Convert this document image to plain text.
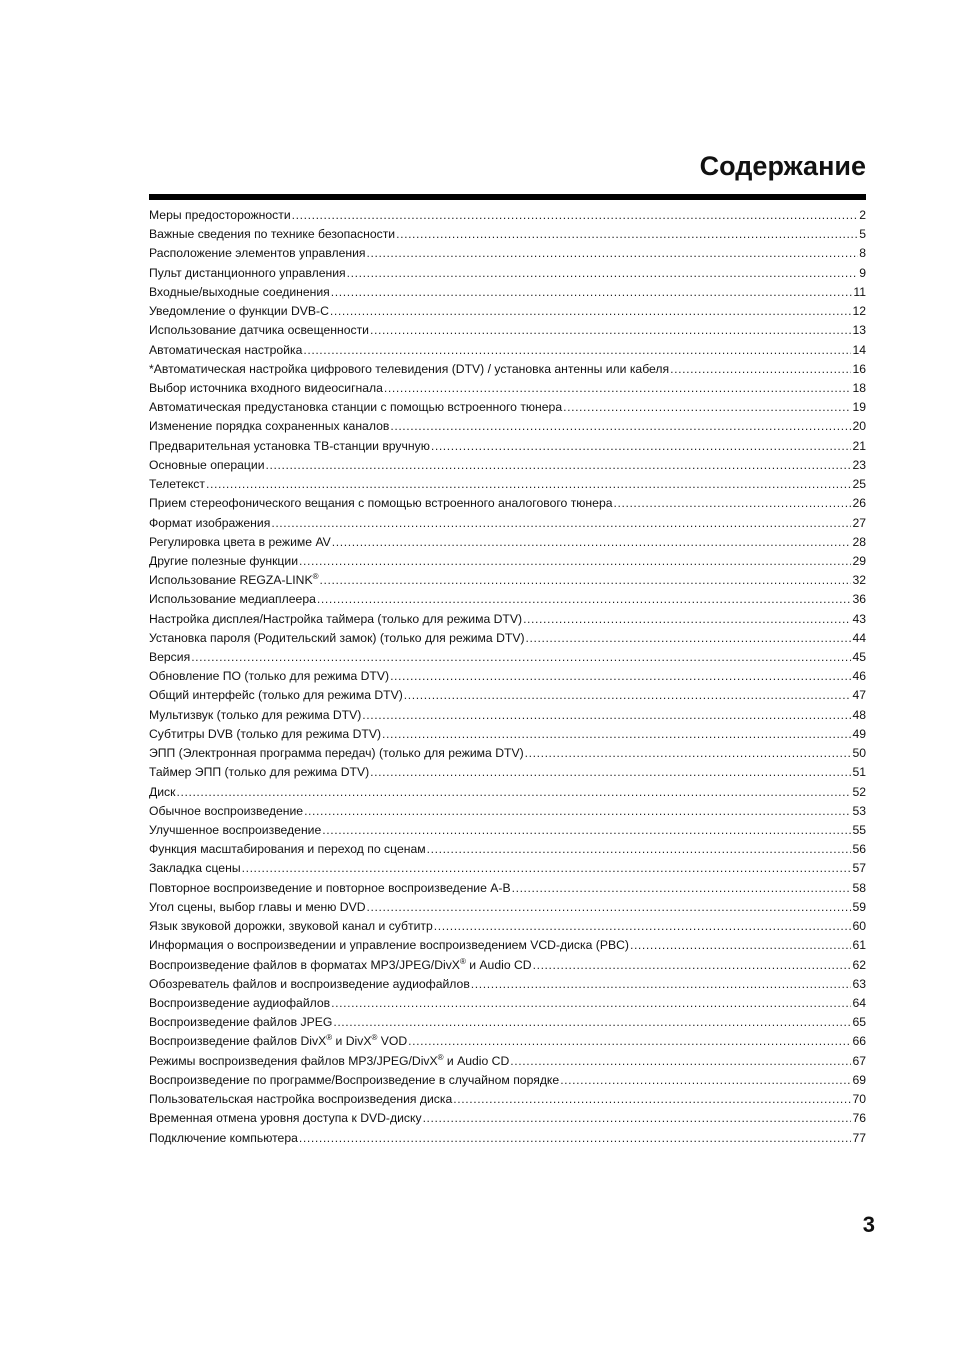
Содержание
Меры предосторожности .....	2
Важные сведения по технике безопасности .....	5
Расположение элементов управления .....	8
Пульт дистанционного управления .....	9
Входные/выходные соединения .....	11
Уведомление о функции DVB-C .....	12
Использование датчика освещенности .....	13
Автоматическая настройка .....	14
*Автоматическая настройка цифрового телевидения (DTV) / установка антенны или кабеля .....	16
Выбор источника входного видеосигнала .....	18
Автоматическая предустановка станции с помощью встроенного тюнера .....	19
Изменение порядка сохраненных каналов .....	20
Предварительная установка ТВ-станции вручную .....	21
Основные операции .....	23
Телетекст .....	25
Прием стереофонического вещания с помощью встроенного аналогового тюнера .....	26
Формат изображения .....	27
Регулировка цвета в режиме AV .....	28
Другие полезные функции .....	29
Использование REGZA-LINK® .....	32
Использование медиаплеера .....	36
Настройка дисплея/Настройка таймера (только для режима DTV) .....	43
Установка пароля (Родительский замок) (только для режима DTV) .....	44
Версия .....	45
Обновление ПО (только для режима DTV) .....	46
Общий интерфейс (только для режима DTV) .....	47
Мультизвук (только для режима DTV) .....	48
Субтитры DVB (только для режима DTV) .....	49
ЭПП (Электронная программа передач) (только для режима DTV) .....	50
Таймер ЭПП (только для режима DTV) .....	51
Диск .....	52
Обычное воспроизведение .....	53
Улучшенное воспроизведение .....	55
Функция масштабирования и переход по сценам .....	56
Закладка сцены .....	57
Повторное воспроизведение и повторное воспроизведение A-B .....	58
Угол сцены, выбор главы и меню DVD .....	59
Язык звуковой дорожки, звуковой канал и субтитр .....	60
Информация о воспроизведении и управление воспроизведением VCD-диска (PBC) .....	61
Воспроизведение файлов в форматах MP3/JPEG/DivX® и Audio CD .....	62
Обозреватель файлов и воспроизведение аудиофайлов .....	63
Воспроизведение аудиофайлов .....	64
Воспроизведение файлов JPEG .....	65
Воспроизведение файлов DivX® и DivX® VOD .....	66
Режимы воспроизведения файлов MP3/JPEG/DivX® и Audio CD .....	67
Воспроизведение по программе/Воспроизведение в случайном порядке .....	69
Пользовательская настройка воспроизведения диска .....	70
Временная отмена уровня доступа к DVD-диску .....	76
Подключение компьютера .....	77
3
